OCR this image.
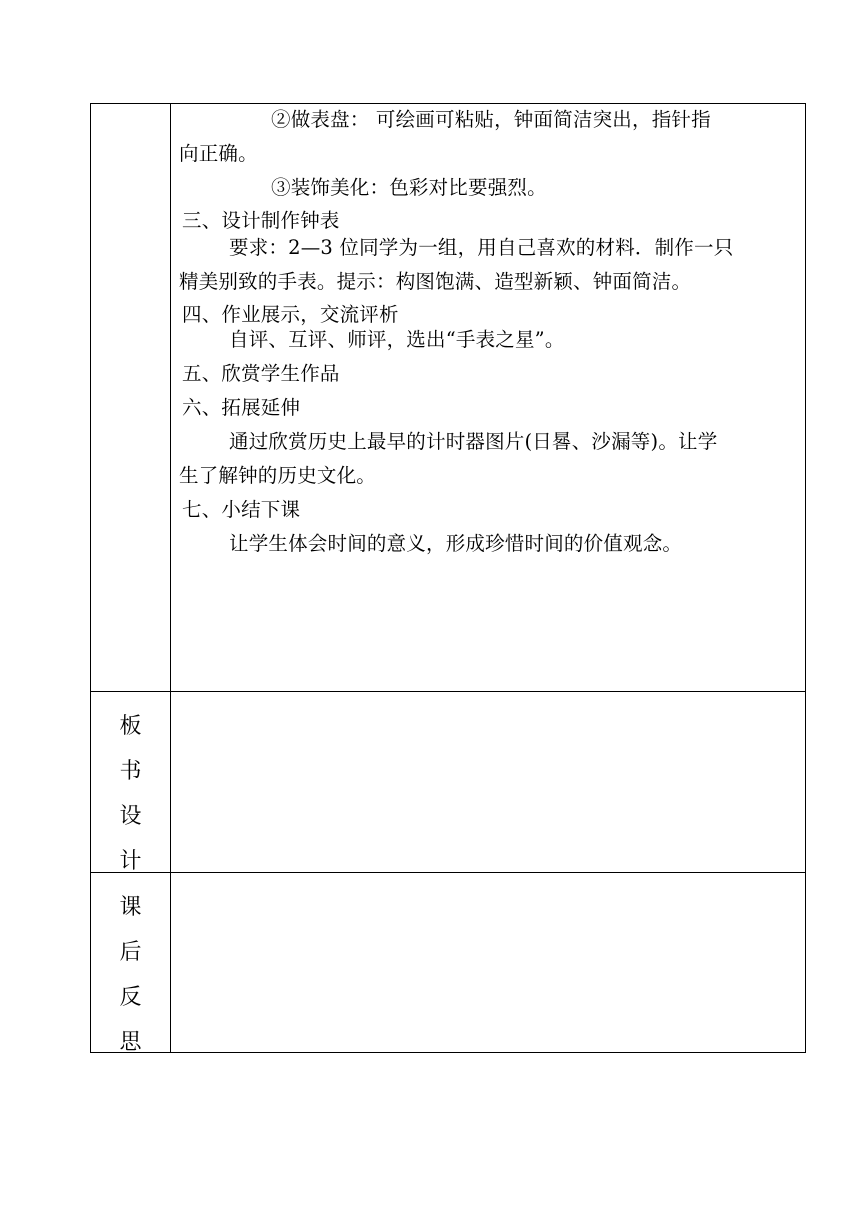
②做表盘： 可绘画可粘贴，钟面简洁突出，指针指

向正确。

③装饰美化：色彩对比要强烈。

三、设计制作钟表

要求：2—3 位同学为一组，用自己喜欢的材料．制作一只

精美别致的手表。提示：构图饱满、造型新颖、钟面简洁。

四、作业展示，交流评析

自评、互评、师评，选出“手表之星”。

五、欣赏学生作品

六、拓展延伸

通过欣赏历史上最早的计时器图片(日晷、沙漏等)。让学

生了解钟的历史文化。

七、小结下课

让学生体会时间的意义，形成珍惜时间的价值观念。

板
书
设
计
课
后
反
思
